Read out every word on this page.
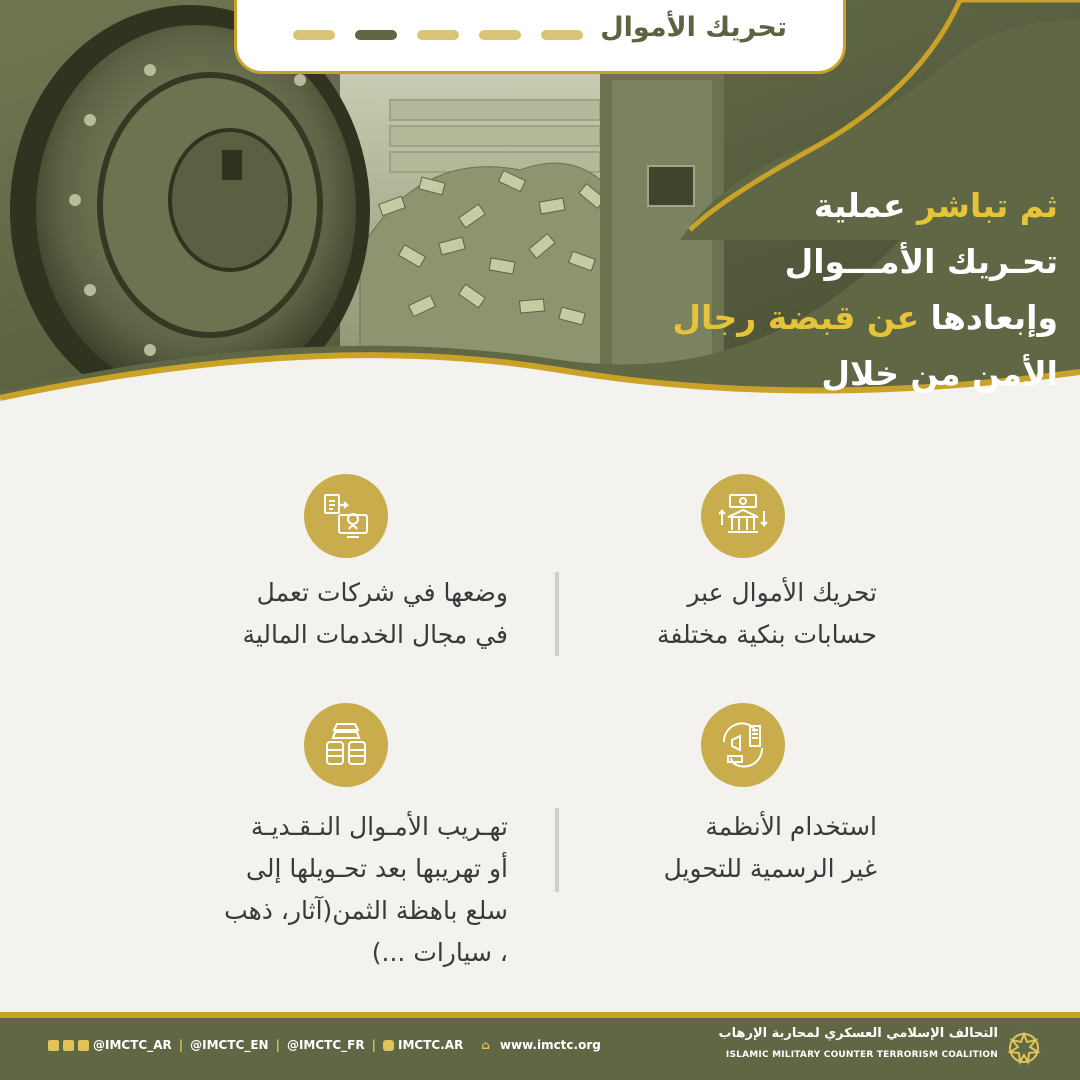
تحريك الأموال
ثم تباشر عملية
تحـريك الأمـــوال
وإبعادها عن قبضة رجال
الأمن من خلال
تحريك الأموال عبر
حسابات بنكية مختلفة
وضعها في شركات تعمل
في مجال الخدمات المالية
استخدام الأنظمة
غير الرسمية للتحويل
تهـريب الأمـوال النـقـديـة
أو تهريبها بعد تحـويلها إلى
سلع باهظة الثمن(آثار، ذهب
، سيارات ...)
@IMCTC_AR | @IMCTC_EN | @IMCTC_FR | IMCTC.AR ⌂ www.imctc.org
التحالف الإسلامي العسكري لمحاربة الإرهاب
ISLAMIC MILITARY COUNTER TERRORISM COALITION
